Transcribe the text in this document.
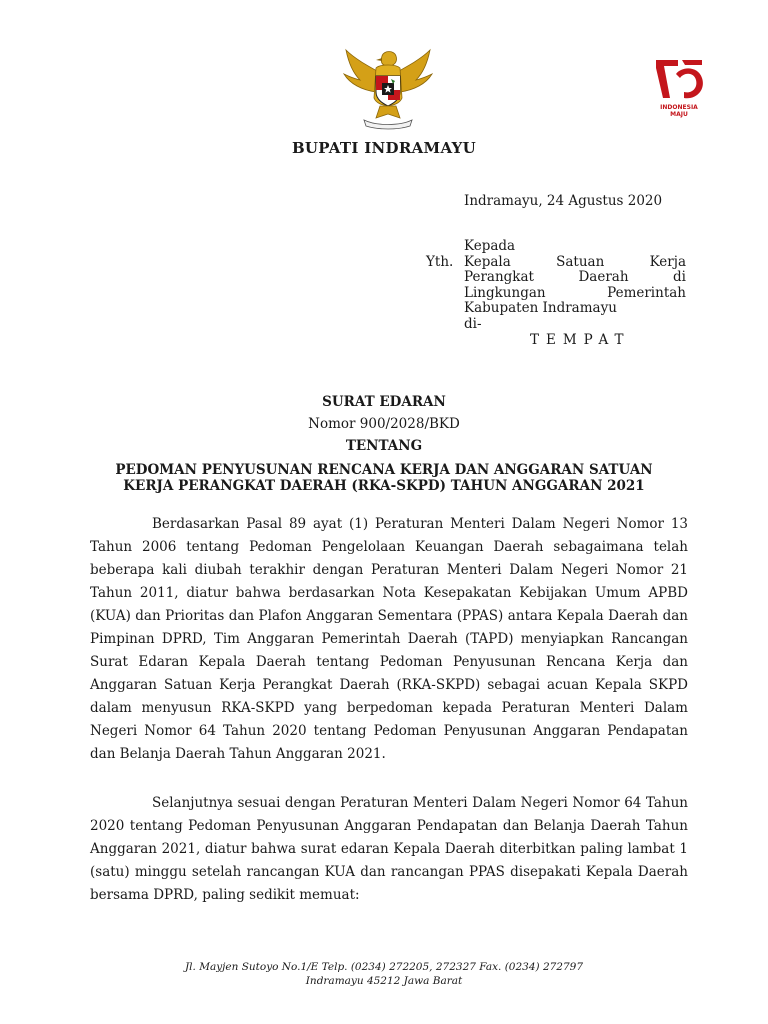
INDONESIA
MAJU
BUPATI INDRAMAYU
Indramayu, 24 Agustus 2020
Yth.
Kepada
Kepala Satuan Kerja
Perangkat Daerah di
Lingkungan Pemerintah
Kabupaten Indramayu
di-
TEMPAT
SURAT EDARAN
Nomor 900/2028/BKD
TENTANG
PEDOMAN PENYUSUNAN RENCANA KERJA DAN ANGGARAN SATUAN
KERJA PERANGKAT DAERAH (RKA-SKPD) TAHUN ANGGARAN 2021

Berdasarkan Pasal 89 ayat (1) Peraturan Menteri Dalam Negeri Nomor 13 Tahun 2006 tentang Pedoman Pengelolaan Keuangan Daerah sebagaimana telah beberapa kali diubah terakhir dengan Peraturan Menteri Dalam Negeri Nomor 21 Tahun 2011, diatur bahwa berdasarkan Nota Kesepakatan Kebijakan Umum APBD (KUA) dan Prioritas dan Plafon Anggaran Sementara (PPAS) antara Kepala Daerah dan Pimpinan DPRD, Tim Anggaran Pemerintah Daerah (TAPD) menyiapkan Rancangan Surat Edaran Kepala Daerah tentang Pedoman Penyusunan Rencana Kerja dan Anggaran Satuan Kerja Perangkat Daerah (RKA-SKPD) sebagai acuan Kepala SKPD dalam menyusun RKA-SKPD yang berpedoman kepada Peraturan Menteri Dalam Negeri Nomor 64 Tahun 2020 tentang Pedoman Penyusunan Anggaran Pendapatan dan Belanja Daerah Tahun Anggaran 2021.

Selanjutnya sesuai dengan Peraturan Menteri Dalam Negeri Nomor 64 Tahun 2020 tentang Pedoman Penyusunan Anggaran Pendapatan dan Belanja Daerah Tahun Anggaran 2021, diatur bahwa surat edaran Kepala Daerah diterbitkan paling lambat 1 (satu) minggu setelah rancangan KUA dan rancangan PPAS disepakati Kepala Daerah bersama DPRD, paling sedikit memuat:

Jl. Mayjen Sutoyo No.1/E Telp. (0234) 272205, 272327 Fax. (0234) 272797
Indramayu 45212 Jawa Barat
